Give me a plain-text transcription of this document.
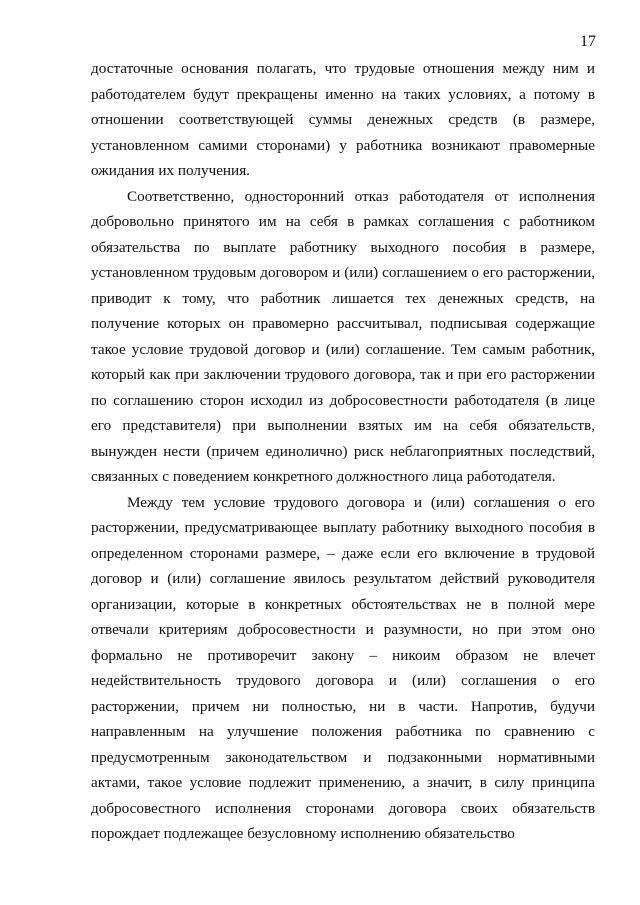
17

достаточные основания полагать, что трудовые отношения между ним и работодателем будут прекращены именно на таких условиях, а потому в отношении соответствующей суммы денежных средств (в размере, установленном самими сторонами) у работника возникают правомерные ожидания их получения.

Соответственно, односторонний отказ работодателя от исполнения добровольно принятого им на себя в рамках соглашения с работником обязательства по выплате работнику выходного пособия в размере, установленном трудовым договором и (или) соглашением о его расторжении, приводит к тому, что работник лишается тех денежных средств, на получение которых он правомерно рассчитывал, подписывая содержащие такое условие трудовой договор и (или) соглашение. Тем самым работник, который как при заключении трудового договора, так и при его расторжении по соглашению сторон исходил из добросовестности работодателя (в лице его представителя) при выполнении взятых им на себя обязательств, вынужден нести (причем единолично) риск неблагоприятных последствий, связанных с поведением конкретного должностного лица работодателя.

Между тем условие трудового договора и (или) соглашения о его расторжении, предусматривающее выплату работнику выходного пособия в определенном сторонами размере, – даже если его включение в трудовой договор и (или) соглашение явилось результатом действий руководителя организации, которые в конкретных обстоятельствах не в полной мере отвечали критериям добросовестности и разумности, но при этом оно формально не противоречит закону – никоим образом не влечет недействительность трудового договора и (или) соглашения о его расторжении, причем ни полностью, ни в части. Напротив, будучи направленным на улучшение положения работника по сравнению с предусмотренным законодательством и подзаконными нормативными актами, такое условие подлежит применению, а значит, в силу принципа добросовестного исполнения сторонами договора своих обязательств порождает подлежащее безусловному исполнению обязательство
